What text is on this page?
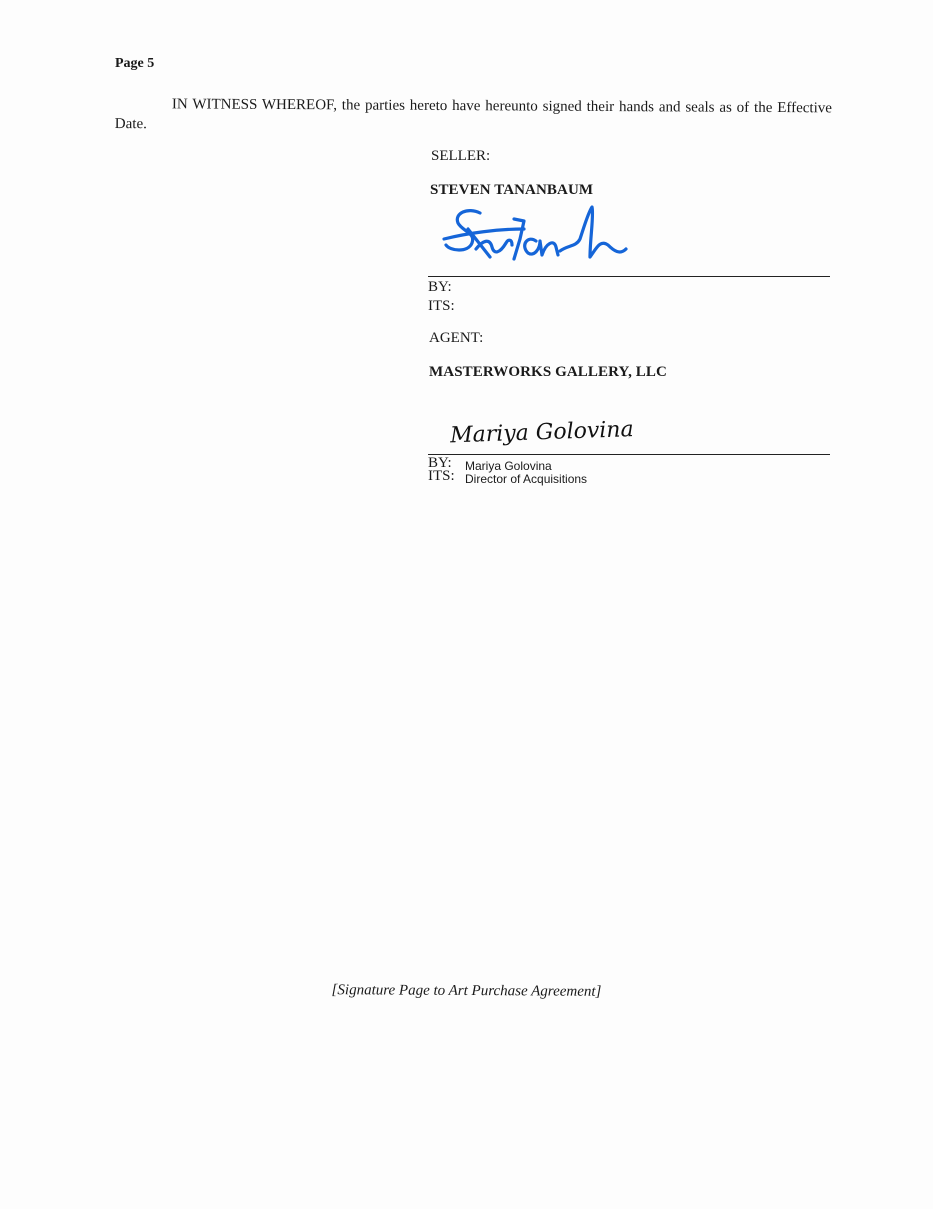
Page 5
IN WITNESS WHEREOF, the parties hereto have hereunto signed their hands and seals as of the Effective
Date.
SELLER:
STEVEN TANANBAUM
BY:
ITS:
AGENT:
MASTERWORKS GALLERY, LLC
Mariya Golovina
BY: Mariya Golovina
ITS: Director of Acquisitions
[Signature Page to Art Purchase Agreement]
